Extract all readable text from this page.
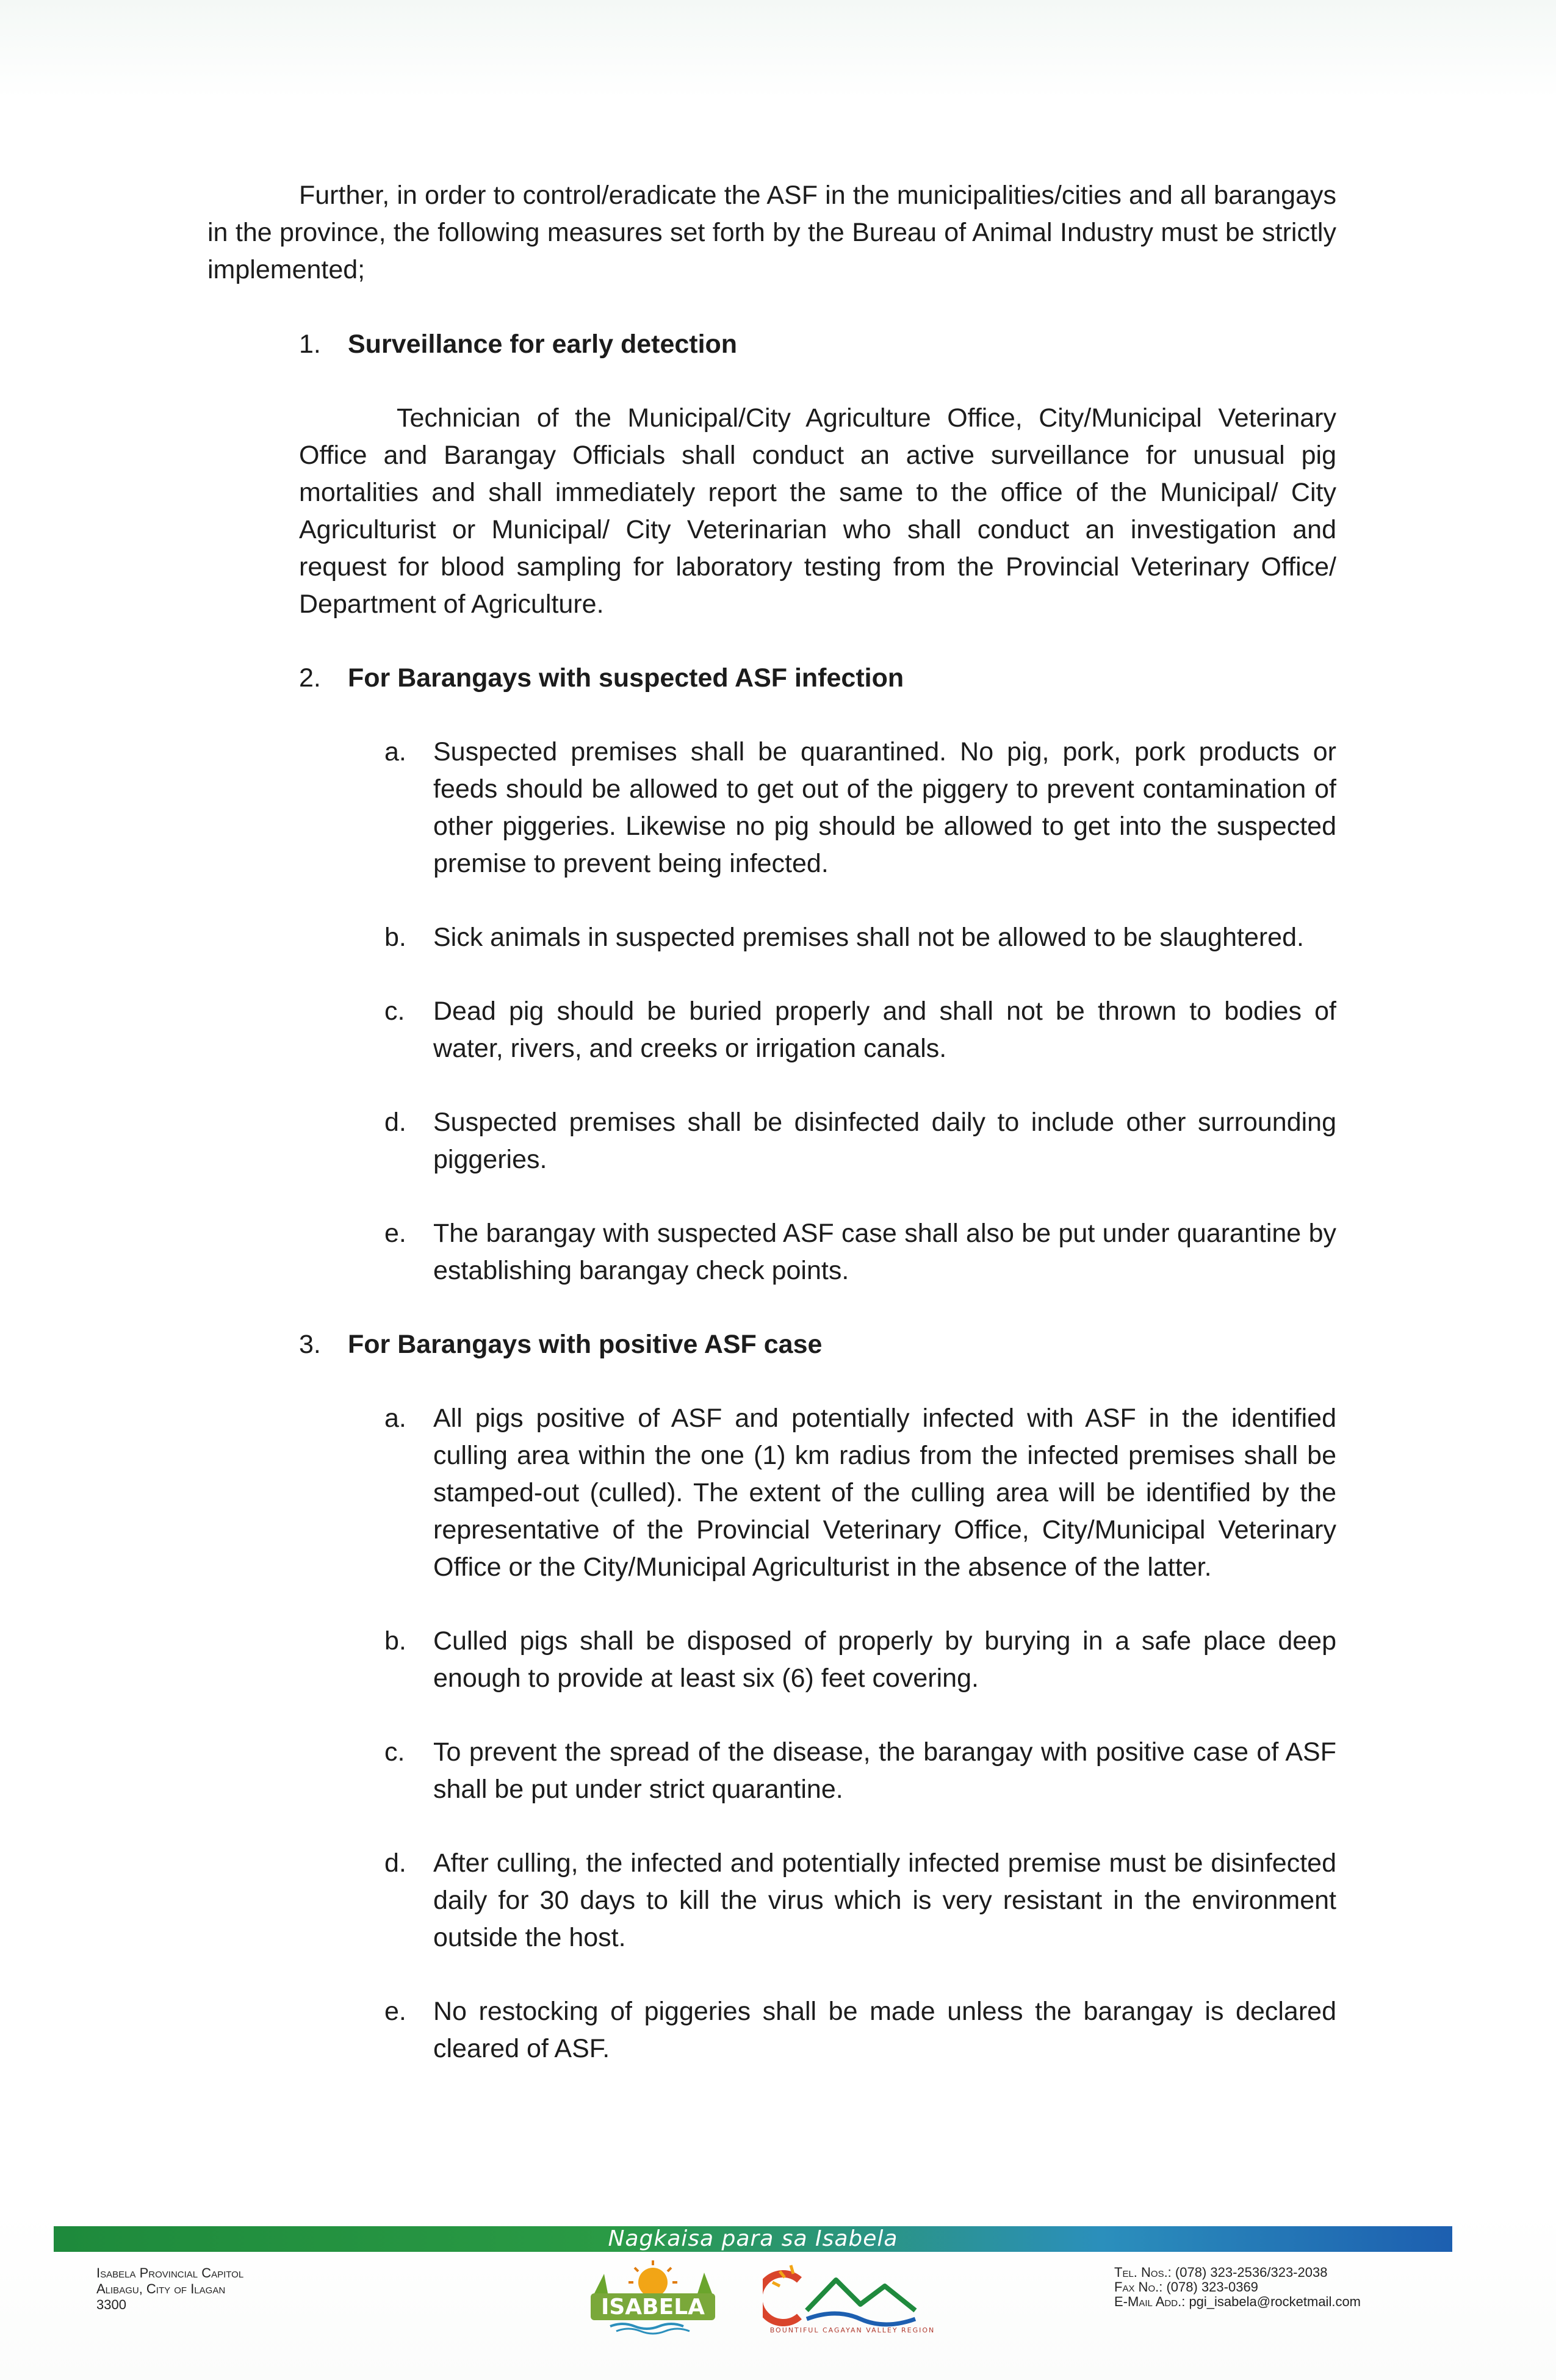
Further, in order to control/eradicate the ASF in the municipalities/cities and all barangays in the province, the following measures set forth by the Bureau of Animal Industry must be strictly implemented;

1. Surveillance for early detection

Technician of the Municipal/City Agriculture Office, City/Municipal Veterinary Office and Barangay Officials shall conduct an active surveillance for unusual pig mortalities and shall immediately report the same to the office of the Municipal/ City Agriculturist or Municipal/ City Veterinarian who shall conduct an investigation and request for blood sampling for laboratory testing from the Provincial Veterinary Office/ Department of Agriculture.

2. For Barangays with suspected ASF infection

a. Suspected premises shall be quarantined. No pig, pork, pork products or feeds should be allowed to get out of the piggery to prevent contamination of other piggeries. Likewise no pig should be allowed to get into the suspected premise to prevent being infected.

b. Sick animals in suspected premises shall not be allowed to be slaughtered.

c. Dead pig should be buried properly and shall not be thrown to bodies of water, rivers, and creeks or irrigation canals.

d. Suspected premises shall be disinfected daily to include other surrounding piggeries.

e. The barangay with suspected ASF case shall also be put under quarantine by establishing barangay check points.

3. For Barangays with positive ASF case

a. All pigs positive of ASF and potentially infected with ASF in the identified culling area within the one (1) km radius from the infected premises shall be stamped-out (culled). The extent of the culling area will be identified by the representative of the Provincial Veterinary Office, City/Municipal Veterinary Office or the City/Municipal Agriculturist in the absence of the latter.

b. Culled pigs shall be disposed of properly by burying in a safe place deep enough to provide at least six (6) feet covering.

c. To prevent the spread of the disease, the barangay with positive case of ASF shall be put under strict quarantine.

d. After culling, the infected and potentially infected premise must be disinfected daily for 30 days to kill the virus which is very resistant in the environment outside the host.

e. No restocking of piggeries shall be made unless the barangay is declared cleared of ASF.

Nagkaisa para sa Isabela
Isabela Provincial Capitol
Alibagu, City of Ilagan
3300	ISABELA
BOUNTIFUL CAGAYAN VALLEY REGION
Tel. Nos.: (078) 323-2536/323-2038
Fax No.: (078) 323-0369
E-Mail Add.: pgi_isabela@rocketmail.com
